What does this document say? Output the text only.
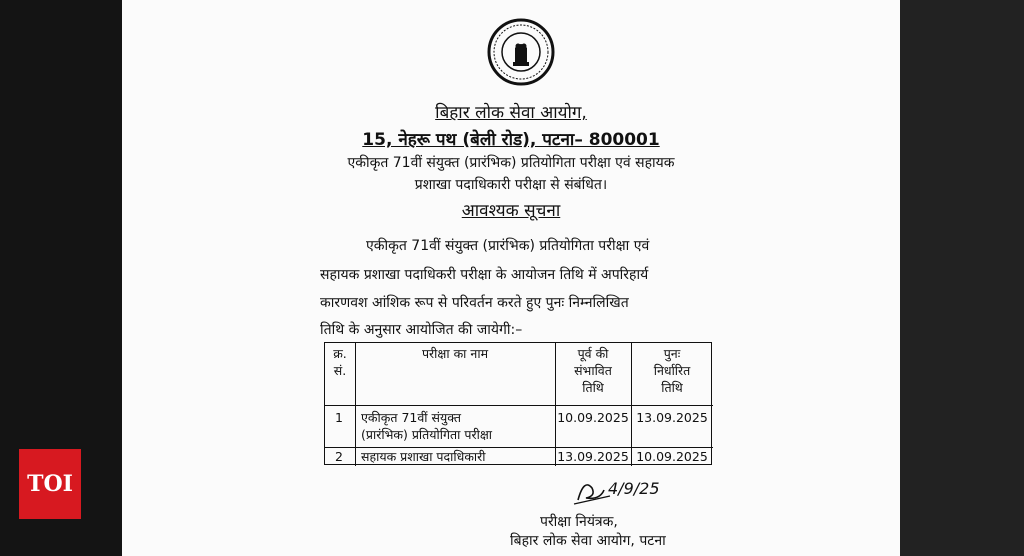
TOI
बिहार लोक सेवा आयोग,
15, नेहरू पथ (बेली रोड), पटना– 800001
एकीकृत 71वीं संयुक्त (प्रारंभिक) प्रतियोगिता परीक्षा एवं सहायक
प्रशाखा पदाधिकारी परीक्षा से संबंधित।
आवश्यक सूचना
एकीकृत 71वीं संयुक्त (प्रारंभिक) प्रतियोगिता परीक्षा एवं
सहायक प्रशाखा पदाधिकरी परीक्षा के आयोजन तिथि में अपरिहार्य
कारणवश आंशिक रूप से परिवर्तन करते हुए पुनः निम्नलिखित
तिथि के अनुसार आयोजित की जायेगी:–
क्र.
सं.
परीक्षा का नाम	पूर्व की
संभावित
तिथि
पुनः
निर्धारित
तिथि
1 एकीकृत 71वीं संयुक्त
(प्रारंभिक) प्रतियोगिता परीक्षा
10.09.2025 13.09.2025
2 सहायक प्रशाखा पदाधिकारी	13.09.2025 10.09.2025
4/9/25
परीक्षा नियंत्रक,
बिहार लोक सेवा आयोग, पटना
